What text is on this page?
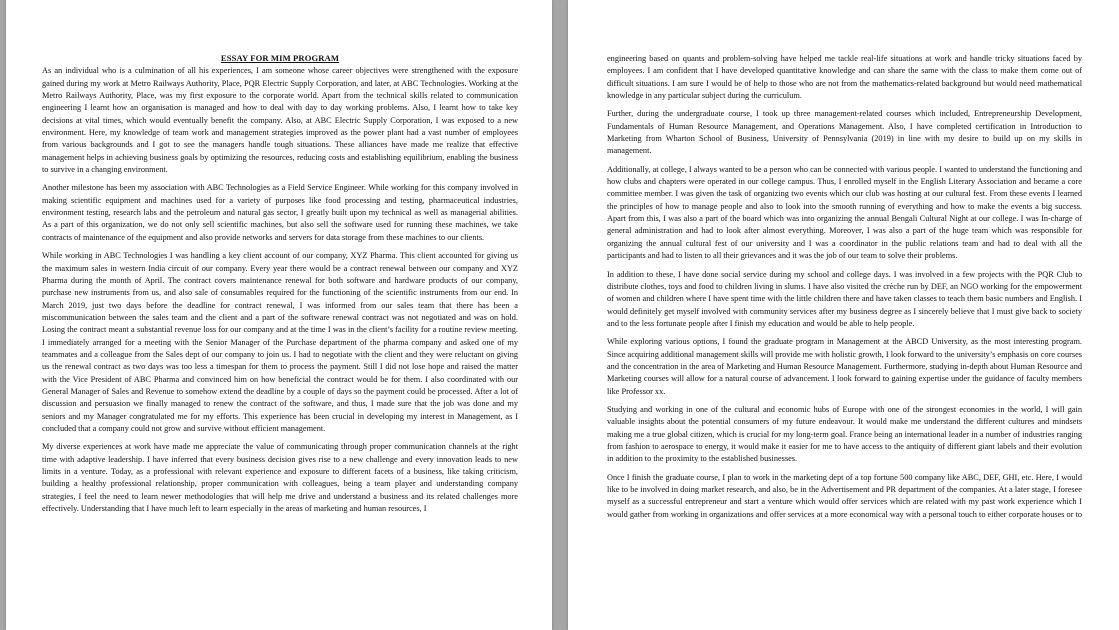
ESSAY FOR MIM PROGRAM

As an individual who is a culmination of all his experiences, I am someone whose career objectives were strengthened with the exposure gained during my work at Metro Railways Authority, Place, PQR Electric Supply Corporation, and later, at ABC Technologies. Working at the Metro Railways Authority, Place, was my first exposure to the corporate world. Apart from the technical skills related to communication engineering I learnt how an organisation is managed and how to deal with day to day working problems. Also, I learnt how to take key decisions at vital times, which would eventually benefit the company. Also, at ABC Electric Supply Corporation, I was exposed to a new environment. Here, my knowledge of team work and management strategies improved as the power plant had a vast number of employees from various backgrounds and I got to see the managers handle tough situations. These alliances have made me realize that effective management helps in achieving business goals by optimizing the resources, reducing costs and establishing equilibrium, enabling the business to survive in a changing environment.

Another milestone has been my association with ABC Technologies as a Field Service Engineer. While working for this company involved in making scientific equipment and machines used for a variety of purposes like food processing and testing, pharmaceutical industries, environment testing, research labs and the petroleum and natural gas sector, I greatly built upon my technical as well as managerial abilities. As a part of this organization, we do not only sell scientific machines, but also sell the software used for running these machines, we take contracts of maintenance of the equipment and also provide networks and servers for data storage from these machines to our clients.

While working in ABC Technologies I was handling a key client account of our company, XYZ Pharma. This client accounted for giving us the maximum sales in western India circuit of our company. Every year there would be a contract renewal between our company and XYZ Pharma during the month of April. The contract covers maintenance renewal for both software and hardware products of our company, purchase new instruments from us, and also sale of consumables required for the functioning of the scientific instruments from our end. In March 2019, just two days before the deadline for contract renewal, I was informed from our sales team that there has been a miscommunication between the sales team and the client and a part of the software renewal contract was not negotiated and was on hold. Losing the contract meant a substantial revenue loss for our company and at the time I was in the client’s facility for a routine review meeting. I immediately arranged for a meeting with the Senior Manager of the Purchase department of the pharma company and asked one of my teammates and a colleague from the Sales dept of our company to join us. I had to negotiate with the client and they were reluctant on giving us the renewal contract as two days was too less a timespan for them to process the payment. Still I did not lose hope and raised the matter with the Vice President of ABC Pharma and convinced him on how beneficial the contract would be for them. I also coordinated with our General Manager of Sales and Revenue to somehow extend the deadline by a couple of days so the payment could be processed. After a lot of discussion and persuasion we finally managed to renew the contract of the software, and thus, I made sure that the job was done and my seniors and my Manager congratulated me for my efforts. This experience has been crucial in developing my interest in Management, as I concluded that a company could not grow and survive without efficient management.

My diverse experiences at work have made me appreciate the value of communicating through proper communication channels at the right time with adaptive leadership. I have inferred that every business decision gives rise to a new challenge and every innovation leads to new limits in a venture. Today, as a professional with relevant experience and exposure to different facets of a business, like taking criticism, building a healthy professional relationship, proper communication with colleagues, being a team player and understanding company strategies, I feel the need to learn newer methodologies that will help me drive and understand a business and its related challenges more effectively. Understanding that I have much left to learn especially in the areas of marketing and human resources, I

engineering based on quants and problem-solving have helped me tackle real-life situations at work and handle tricky situations faced by employees. I am confident that I have developed quantitative knowledge and can share the same with the class to make them come out of difficult situations. I am sure I would be of help to those who are not from the mathematics-related background but would need mathematical knowledge in any particular subject during the curriculum.

Further, during the undergraduate course, I took up three management-related courses which included, Entrepreneurship Development, Fundamentals of Human Resource Management, and Operations Management. Also, I have completed certification in Introduction to Marketing from Wharton School of Business, University of Pennsylvania (2019) in line with my desire to build up on my skills in management.

Additionally, at college, I always wanted to be a person who can be connected with various people. I wanted to understand the functioning and how clubs and chapters were operated in our college campus. Thus, I enrolled myself in the English Literary Association and became a core committee member. I was given the task of organizing two events which our club was hosting at our cultural fest. From these events I learned the principles of how to manage people and also to look into the smooth running of everything and how to make the events a big success. Apart from this, I was also a part of the board which was into organizing the annual Bengali Cultural Night at our college. I was In-charge of general administration and had to look after almost everything. Moreover, I was also a part of the huge team which was responsible for organizing the annual cultural fest of our university and I was a coordinator in the public relations team and had to deal with all the participants and had to listen to all their grievances and it was the job of our team to solve their problems.

In addition to these, I have done social service during my school and college days. I was involved in a few projects with the PQR Club to distribute clothes, toys and food to children living in slums. I have also visited the crèche run by DEF, an NGO working for the empowerment of women and children where I have spent time with the little children there and have taken classes to teach them basic numbers and English. I would definitely get myself involved with community services after my business degree as I sincerely believe that I must give back to society and to the less fortunate people after I finish my education and would be able to help people.

While exploring various options, I found the graduate program in Management at the ABCD University, as the most interesting program. Since acquiring additional management skills will provide me with holistic growth, I look forward to the university’s emphasis on core courses and the concentration in the area of Marketing and Human Resource Management. Furthermore, studying in-depth about Human Resource and Marketing courses will allow for a natural course of advancement. I look forward to gaining expertise under the guidance of faculty members like Professor xx.

Studying and working in one of the cultural and economic hubs of Europe with one of the strongest economies in the world, I will gain valuable insights about the potential consumers of my future endeavour. It would make me understand the different cultures and mindsets making me a true global citizen, which is crucial for my long-term goal. France being an international leader in a number of industries ranging from fashion to aerospace to energy, it would make it easier for me to have access to the antiquity of different giant labels and their evolution in addition to the proximity to the established businesses.

Once I finish the graduate course, I plan to work in the marketing dept of a top fortune 500 company like ABC, DEF, GHI, etc. Here, I would like to be involved in doing market research, and also, be in the Advertisement and PR department of the companies. At a later stage, I foresee myself as a successful entrepreneur and start a venture which would offer services which are related with my past work experience which I would gather from working in organizations and offer services at a more economical way with a personal touch to either corporate houses or to
